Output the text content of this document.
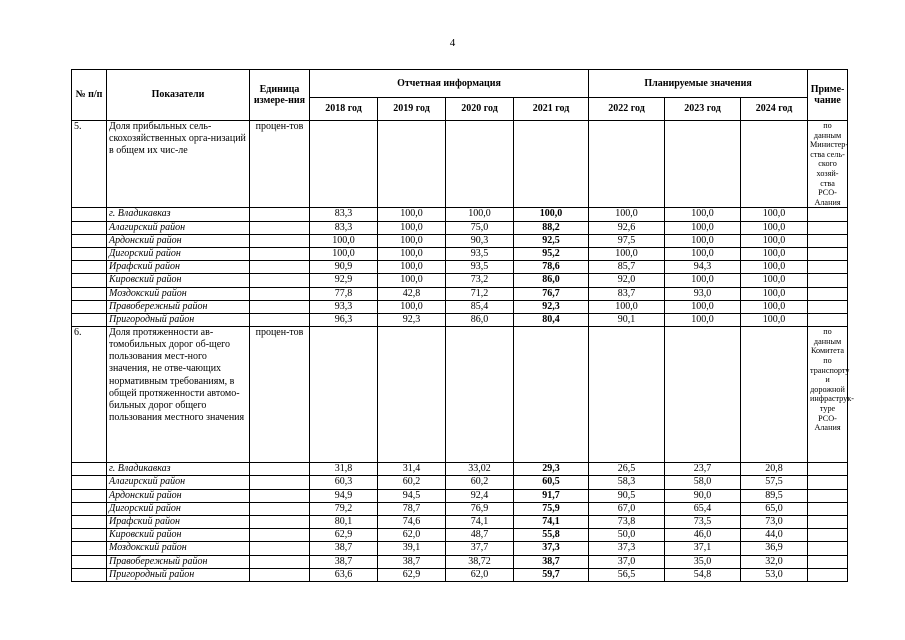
4
№ п/п	Показатели	Единица измере-ния	Отчетная информация				Планируемые значения			Приме-чание
			2018 год	2019 год	2020 год	2021 год	2022 год	2023 год	2024 год	
5.	Доля прибыльных сель-скохозяйственных орга-низаций в общем их чис-ле	процен-тов								по данным Министер-ства сель-ского хозяй-ства РСО-Алания
	г. Владикавказ		83,3	100,0	100,0	100,0	100,0	100,0	100,0	
	Алагирский район		83,3	100,0	75,0	88,2	92,6	100,0	100,0	
	Ардонский район		100,0	100,0	90,3	92,5	97,5	100,0	100,0	
	Дигорский район		100,0	100,0	93,5	95,2	100,0	100,0	100,0	
	Ирафский район		90,9	100,0	93,5	78,6	85,7	94,3	100,0	
	Кировский район		92,9	100,0	73,2	86,0	92,0	100,0	100,0	
	Моздокский район		77,8	42,8	71,2	76,7	83,7	93,0	100,0	
	Правобережный район		93,3	100,0	85,4	92,3	100,0	100,0	100,0	
	Пригородный район		96,3	92,3	86,0	80,4	90,1	100,0	100,0	
6.	Доля протяженности ав-томобильных дорог об-щего пользования мест-ного значения, не отве-чающих нормативным требованиям, в общей протяженности автомо-бильных дорог общего пользования местного значения	процен-тов								по данным Комитета по транспорту и дорожной инфраструк-туре РСО-Алания
	г. Владикавказ		31,8	31,4	33,02	29,3	26,5	23,7	20,8	
	Алагирский район		60,3	60,2	60,2	60,5	58,3	58,0	57,5	
	Ардонский район		94,9	94,5	92,4	91,7	90,5	90,0	89,5	
	Дигорский район		79,2	78,7	76,9	75,9	67,0	65,4	65,0	
	Ирафский район		80,1	74,6	74,1	74,1	73,8	73,5	73,0	
	Кировский район		62,9	62,0	48,7	55,8	50,0	46,0	44,0	
	Моздокский район		38,7	39,1	37,7	37,3	37,3	37,1	36,9	
	Правобережный район		38,7	38,7	38,72	38,7	37,0	35,0	32,0	
	Пригородный район		63,6	62,9	62,0	59,7	56,5	54,8	53,0	
